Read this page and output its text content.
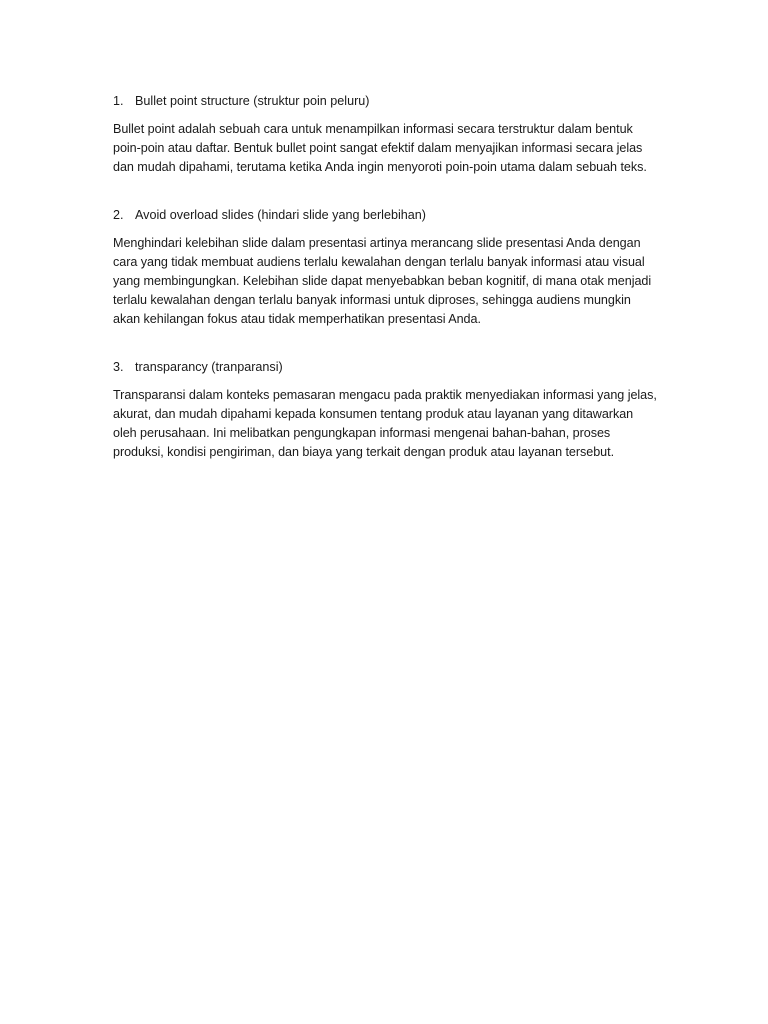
1. Bullet point structure (struktur poin peluru)

Bullet point adalah sebuah cara untuk menampilkan informasi secara terstruktur dalam bentuk poin-poin atau daftar. Bentuk bullet point sangat efektif dalam menyajikan informasi secara jelas dan mudah dipahami, terutama ketika Anda ingin menyoroti poin-poin utama dalam sebuah teks.

2. Avoid overload slides (hindari slide yang berlebihan)

Menghindari kelebihan slide dalam presentasi artinya merancang slide presentasi Anda dengan cara yang tidak membuat audiens terlalu kewalahan dengan terlalu banyak informasi atau visual yang membingungkan. Kelebihan slide dapat menyebabkan beban kognitif, di mana otak menjadi terlalu kewalahan dengan terlalu banyak informasi untuk diproses, sehingga audiens mungkin akan kehilangan fokus atau tidak memperhatikan presentasi Anda.

3. transparancy (tranparansi)

Transparansi dalam konteks pemasaran mengacu pada praktik menyediakan informasi yang jelas, akurat, dan mudah dipahami kepada konsumen tentang produk atau layanan yang ditawarkan oleh perusahaan. Ini melibatkan pengungkapan informasi mengenai bahan-bahan, proses produksi, kondisi pengiriman, dan biaya yang terkait dengan produk atau layanan tersebut.
